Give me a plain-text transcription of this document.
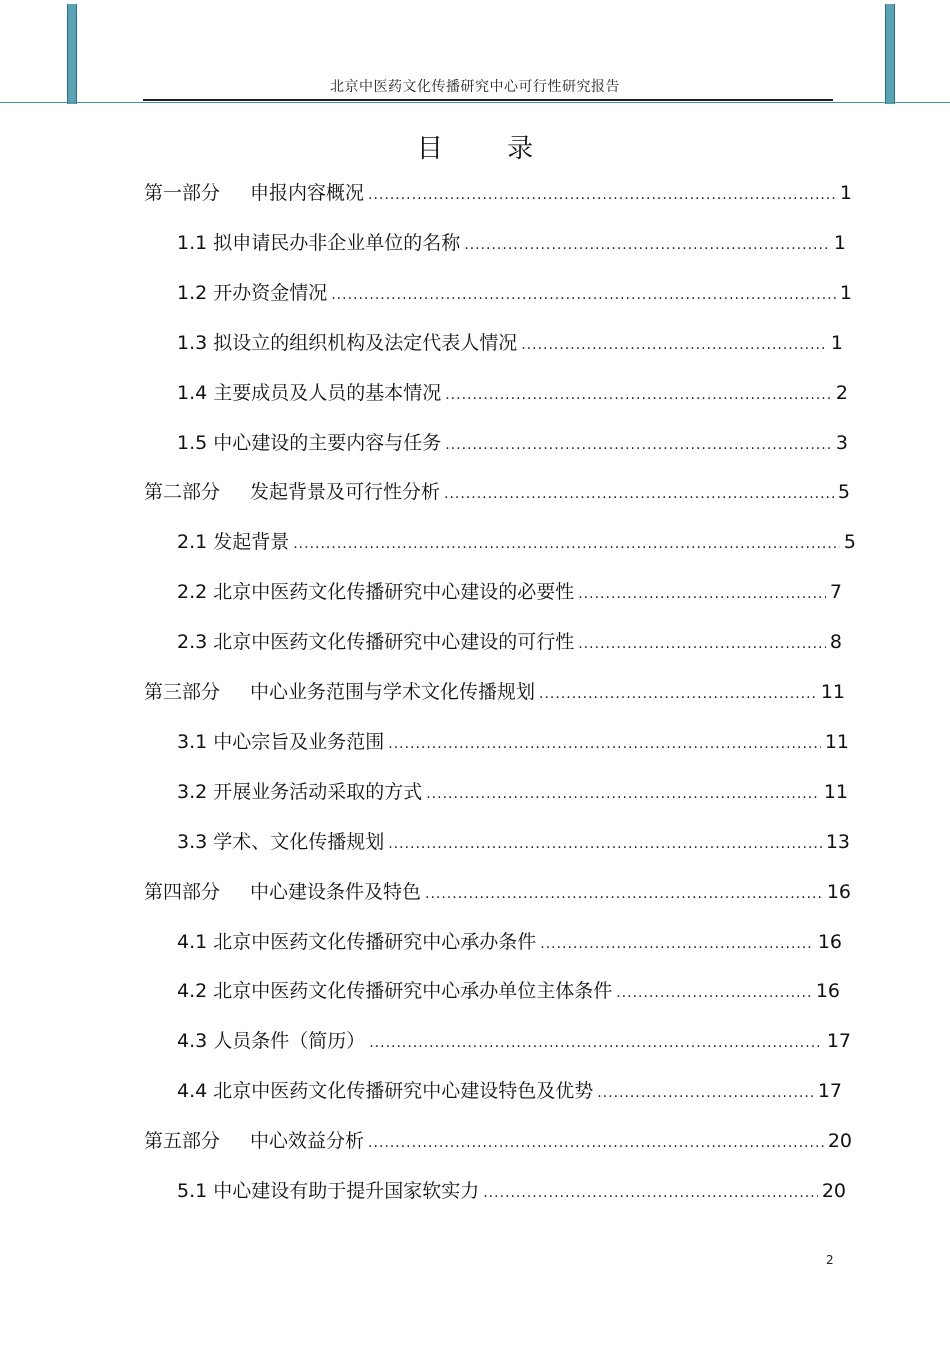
北京中医药文化传播研究中心可行性研究报告
目 录
第一部分 申报内容概况 .....	1
1.1 拟申请民办非企业单位的名称 .....	1
1.2 开办资金情况 .....	1
1.3 拟设立的组织机构及法定代表人情况 .....	1
1.4 主要成员及人员的基本情况 .....	2
1.5 中心建设的主要内容与任务 .....	3
第二部分 发起背景及可行性分析 .....	5
2.1 发起背景 .....	5
2.2 北京中医药文化传播研究中心建设的必要性 .....	7
2.3 北京中医药文化传播研究中心建设的可行性 .....	8
第三部分 中心业务范围与学术文化传播规划 .....	11
3.1 中心宗旨及业务范围 .....	11
3.2 开展业务活动采取的方式 .....	11
3.3 学术、文化传播规划 .....	13
第四部分 中心建设条件及特色 .....	16
4.1 北京中医药文化传播研究中心承办条件 .....	16
4.2 北京中医药文化传播研究中心承办单位主体条件 .....	16
4.3 人员条件（简历） .....	17
4.4 北京中医药文化传播研究中心建设特色及优势 .....	17
第五部分 中心效益分析 .....	20
5.1 中心建设有助于提升国家软实力 .....	20
2
